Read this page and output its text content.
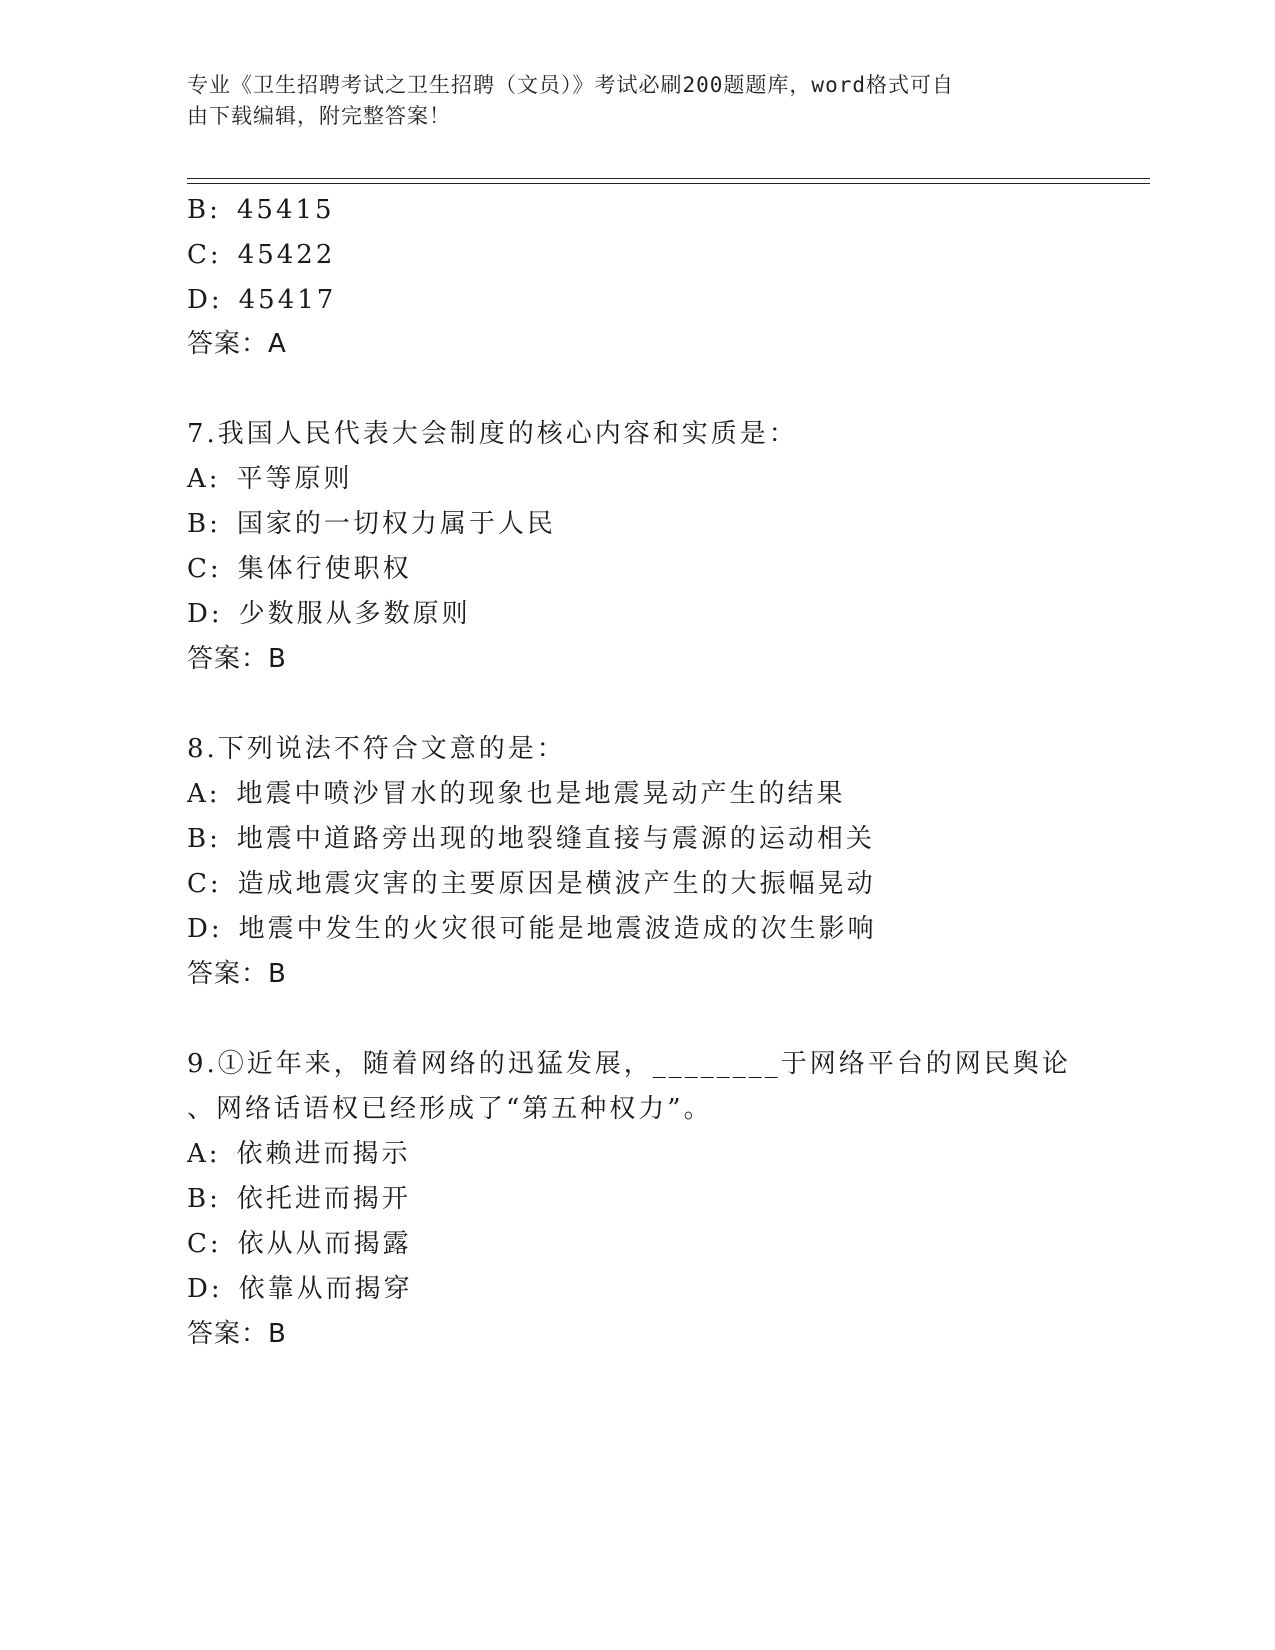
专业《卫生招聘考试之卫生招聘（文员）》考试必刷200题题库，word格式可自
由下载编辑，附完整答案！
B: 45415
C: 45422
D: 45417
答案：A
7.我国人民代表大会制度的核心内容和实质是：
A: 平等原则
B: 国家的一切权力属于人民
C: 集体行使职权
D: 少数服从多数原则
答案：B
8.下列说法不符合文意的是：
A: 地震中喷沙冒水的现象也是地震晃动产生的结果
B: 地震中道路旁出现的地裂缝直接与震源的运动相关
C: 造成地震灾害的主要原因是横波产生的大振幅晃动
D: 地震中发生的火灾很可能是地震波造成的次生影响
答案：B
9.①近年来，随着网络的迅猛发展，________于网络平台的网民舆论
、网络话语权已经形成了“第五种权力”。
A: 依赖进而揭示
B: 依托进而揭开
C: 依从从而揭露
D: 依靠从而揭穿
答案：B
